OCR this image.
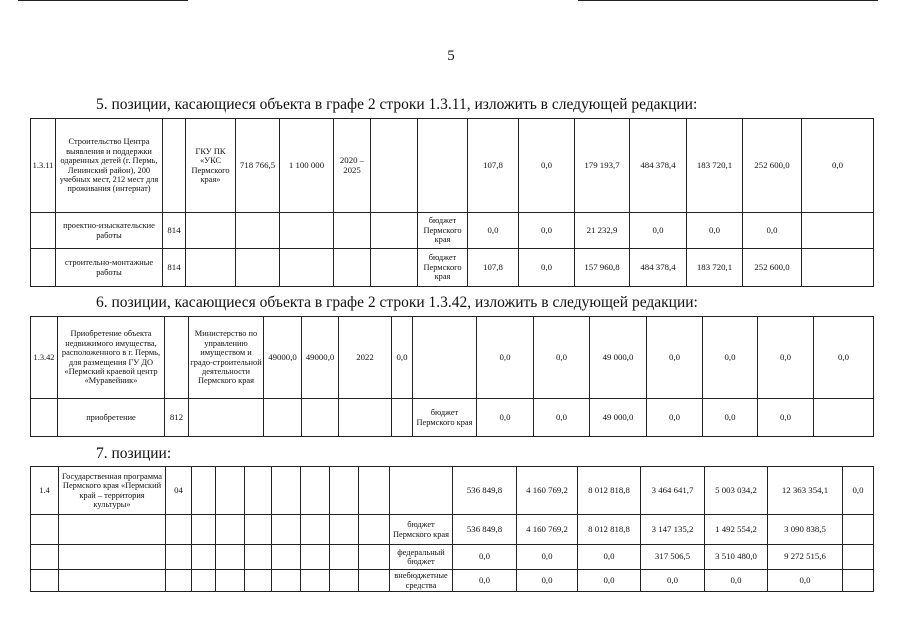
5
5. позиции, касающиеся объекта в графе 2 строки 1.3.11, изложить в следующей редакции:
1.3.11	Строительство Центра выявления и поддержки одаренных детей (г. Пермь, Ленинский район), 200 учебных мест, 212 мест для проживания (интернат)		ГКУ ПК «УКС Пермского края»	718 766,5	1 100 000	2020 – 2025			107,8	0,0	179 193,7	484 378,4	183 720,1	252 600,0	0,0
	проектно-изыскательские работы	814						бюджет Пермского края	0,0	0,0	21 232,9	0,0	0,0	0,0	
	строительно-монтажные работы	814						бюджет Пермского края	107,8	0,0	157 960,8	484 378,4	183 720,1	252 600,0	
6. позиции, касающиеся объекта в графе 2 строки 1.3.42, изложить в следующей редакции:
1.3.42	Приобретение объекта недвижимого имущества, расположенного в г. Пермь, для размещения ГУ ДО «Пермский краевой центр «Муравейник»		Министерство по управлению имуществом и градо-строительной деятельности Пермского края	49000,0	49000,0	2022	0,0		0,0	0,0	49 000,0	0,0	0,0	0,0	0,0
	приобретение	812						бюджет Пермского края	0,0	0,0	49 000,0	0,0	0,0	0,0	
7. позиции:
1.4	Государственная программа Пермского края «Пермский край – территория культуры»	04									536 849,8	4 160 769,2	8 012 818,8	3 464 641,7	5 003 034,2	12 363 354,1	0,0
										бюджет Пермского края	536 849,8	4 160 769,2	8 012 818,8	3 147 135,2	1 492 554,2	3 090 838,5	
										федеральный бюджет	0,0	0,0	0,0	317 506,5	3 510 480,0	9 272 515,6	
										внебюджетные средства	0,0	0,0	0,0	0,0	0,0	0,0	
